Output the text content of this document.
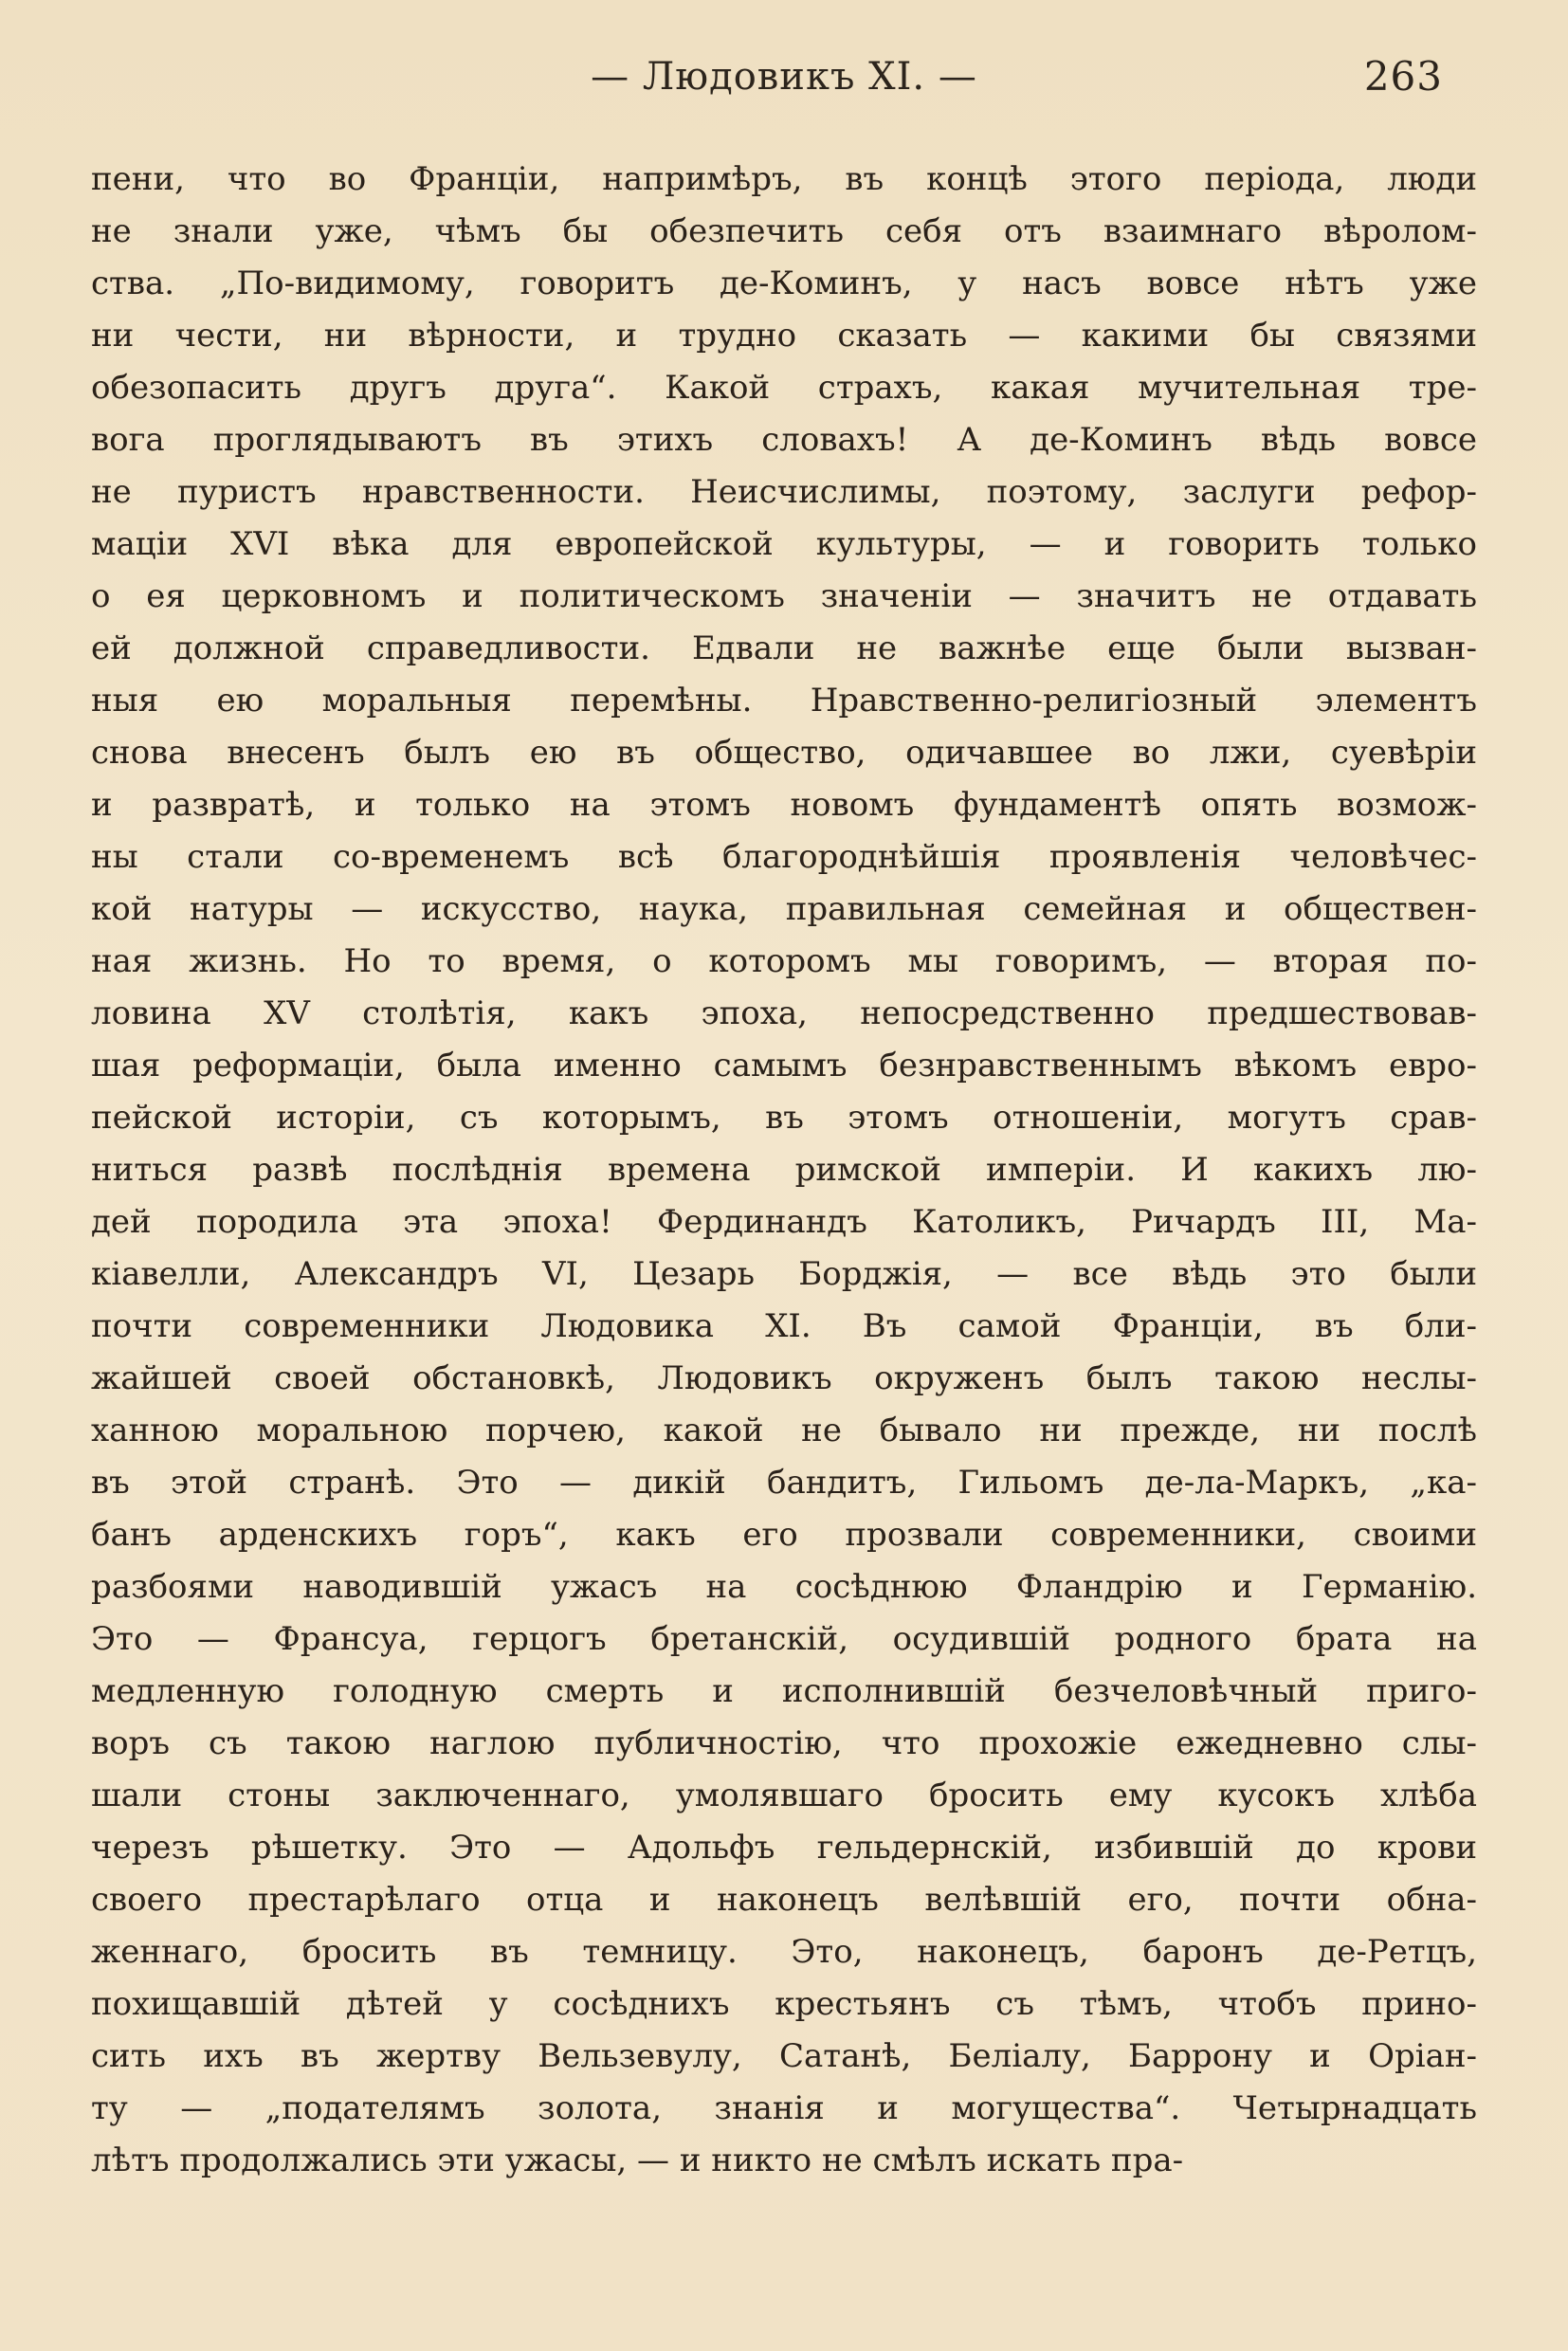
— Людовикъ XI. —	263
пени, что во Франціи, напримѣръ, въ концѣ этого періода, люди
не знали уже, чѣмъ бы обезпечить себя отъ взаимнаго вѣролом-
ства. „По-видимому, говоритъ де-Коминъ, у насъ вовсе нѣтъ уже
ни чести, ни вѣрности, и трудно сказать — какими бы связями
обезопасить другъ друга“. Какой страхъ, какая мучительная тре-
вога проглядываютъ въ этихъ словахъ! А де-Коминъ вѣдь вовсе
не пуристъ нравственности. Неисчислимы, поэтому, заслуги рефор-
маціи XVI вѣка для европейской культуры, — и говорить только
о ея церковномъ и политическомъ значеніи — значитъ не отдавать
ей должной справедливости. Едвали не важнѣе еще были вызван-
ныя ею моральныя перемѣны. Нравственно-религіозный элементъ
снова внесенъ былъ ею въ общество, одичавшее во лжи, суевѣріи
и развратѣ, и только на этомъ новомъ фундаментѣ опять возмож-
ны стали со-временемъ всѣ благороднѣйшія проявленія человѣчес-
кой натуры — искусство, наука, правильная семейная и обществен-
ная жизнь. Но то время, о которомъ мы говоримъ, — вторая по-
ловина XV столѣтія, какъ эпоха, непосредственно предшествовав-
шая реформаціи, была именно самымъ безнравственнымъ вѣкомъ евро-
пейской исторіи, съ которымъ, въ этомъ отношеніи, могутъ срав-
ниться развѣ послѣднія времена римской имперіи. И какихъ лю-
дей породила эта эпоха! Фердинандъ Католикъ, Ричардъ III, Ма-
кіавелли, Александръ VI, Цезарь Борджія, — все вѣдь это были
почти современники Людовика XI. Въ самой Франціи, въ бли-
жайшей своей обстановкѣ, Людовикъ окруженъ былъ такою неслы-
ханною моральною порчею, какой не бывало ни прежде, ни послѣ
въ этой странѣ. Это — дикій бандитъ, Гильомъ де-ла-Маркъ, „ка-
банъ арденскихъ горъ“, какъ его прозвали современники, своими
разбоями наводившій ужасъ на сосѣднюю Фландрію и Германію.
Это — Франсуа, герцогъ бретанскій, осудившій родного брата на
медленную голодную смерть и исполнившій безчеловѣчный приго-
воръ съ такою наглою публичностію, что прохожіе ежедневно слы-
шали стоны заключеннаго, умолявшаго бросить ему кусокъ хлѣба
черезъ рѣшетку. Это — Адольфъ гельдернскій, избившій до крови
своего престарѣлаго отца и наконецъ велѣвшій его, почти обна-
женнаго, бросить въ темницу. Это, наконецъ, баронъ де-Ретцъ,
похищавшій дѣтей у сосѣднихъ крестьянъ съ тѣмъ, чтобъ прино-
сить ихъ въ жертву Вельзевулу, Сатанѣ, Беліалу, Баррону и Оріан-
ту — „подателямъ золота, знанія и могущества“. Четырнадцать
лѣтъ продолжались эти ужасы, — и никто не смѣлъ искать пра-
